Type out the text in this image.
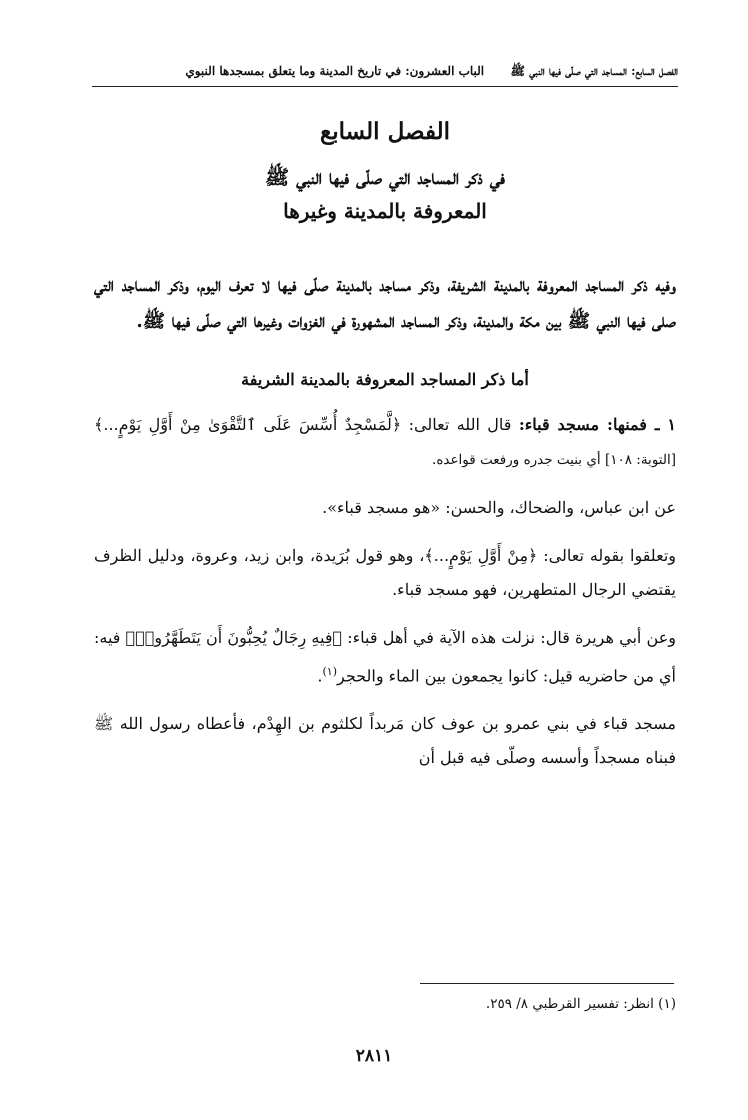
الفصل السابع: المساجد التي صلّى فيها النبي ﷺ   الباب العشرون: في تاريخ المدينة وما يتعلق بمسجدها النبوي
الفصل السابع
في ذكر المساجد التي صلّى فيها النبي ﷺ
المعروفة بالمدينة وغيرها
وفيه ذكر المساجد المعروفة بالمدينة الشريفة، وذكر مساجد بالمدينة صلّى فيها لا تعرف اليوم، وذكر المساجد التي صلى فيها النبي ﷺ بين مكة والمدينة، وذكر المساجد المشهورة في الغزوات وغيرها التي صلّى فيها ﷺ.
أما ذكر المساجد المعروفة بالمدينة الشريفة

١ ـ فمنها: مسجد قباء: قال الله تعالى: ﴿لَّمَسْجِدٌ أُسِّسَ عَلَى ٱلتَّقْوَىٰ مِنْ أَوَّلِ يَوْمٍ...﴾ [التوبة: ١٠٨] أي بنيت جدره ورفعت قواعده.

عن ابن عباس، والضحاك، والحسن: «هو مسجد قباء».

وتعلقوا بقوله تعالى: ﴿مِنْ أَوَّلِ يَوْمٍ...﴾، وهو قول بُرَيدة، وابن زيد، وعروة، ودليل الظرف يقتضي الرجال المتطهرين، فهو مسجد قباء.

وعن أبي هريرة قال: نزلت هذه الآية في أهل قباء: ﴿فِيهِ رِجَالٌ يُحِبُّونَ أَن يَتَطَهَّرُوا۟﴾ فيه: أي من حاضريه قيل: كانوا يجمعون بين الماء والحجر$^{(١)}$.

مسجد قباء في بني عمرو بن عوف كان مَربداً لكلثوم بن الهِدْم، فأعطاه رسول الله ﷺ فبناه مسجداً وأسسه وصلّى فيه قبل أن

(١) انظر: تفسير القرطبي ٨/ ٢٥٩.
٢٨١١
